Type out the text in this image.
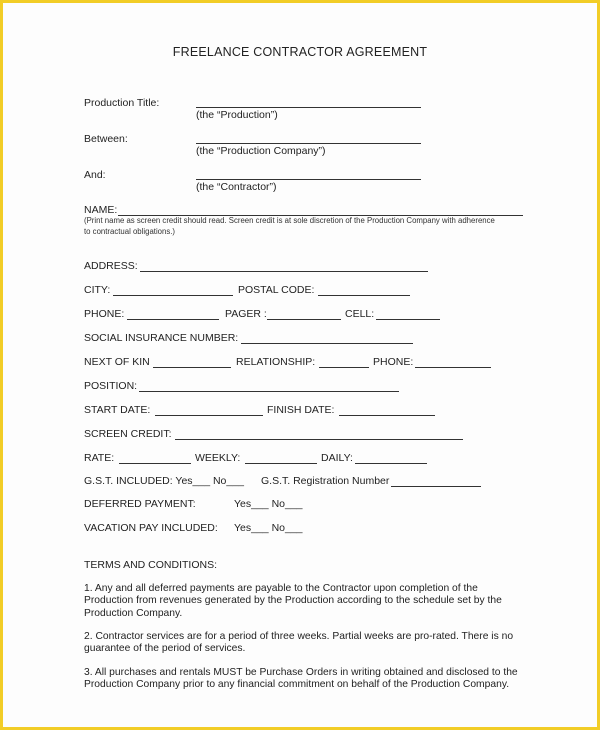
FREELANCE CONTRACTOR AGREEMENT
Production Title:
(the “Production”)
Between:
(the “Production Company”)
And:
(the “Contractor”)
NAME:
(Print name as screen credit should read. Screen credit is at sole discretion of the Production Company with adherence
to contractual obligations.)
ADDRESS:
CITY:	POSTAL CODE:
PHONE:	PAGER :	CELL:
SOCIAL INSURANCE NUMBER:
NEXT OF KIN	RELATIONSHIP:	PHONE:
POSITION:
START DATE:	FINISH DATE:
SCREEN CREDIT:
RATE:	WEEKLY:	DAILY:
G.S.T. INCLUDED: Yes___ No___ G.S.T. Registration Number
DEFERRED PAYMENT:	Yes___ No___
VACATION PAY INCLUDED: Yes___ No___
TERMS AND CONDITIONS:
1. Any and all deferred payments are payable to the Contractor upon completion of the
Production from revenues generated by the Production according to the schedule set by the
Production Company.
2. Contractor services are for a period of three weeks. Partial weeks are pro-rated. There is no
guarantee of the period of services.
3. All purchases and rentals MUST be Purchase Orders in writing obtained and disclosed to the
Production Company prior to any financial commitment on behalf of the Production Company.
